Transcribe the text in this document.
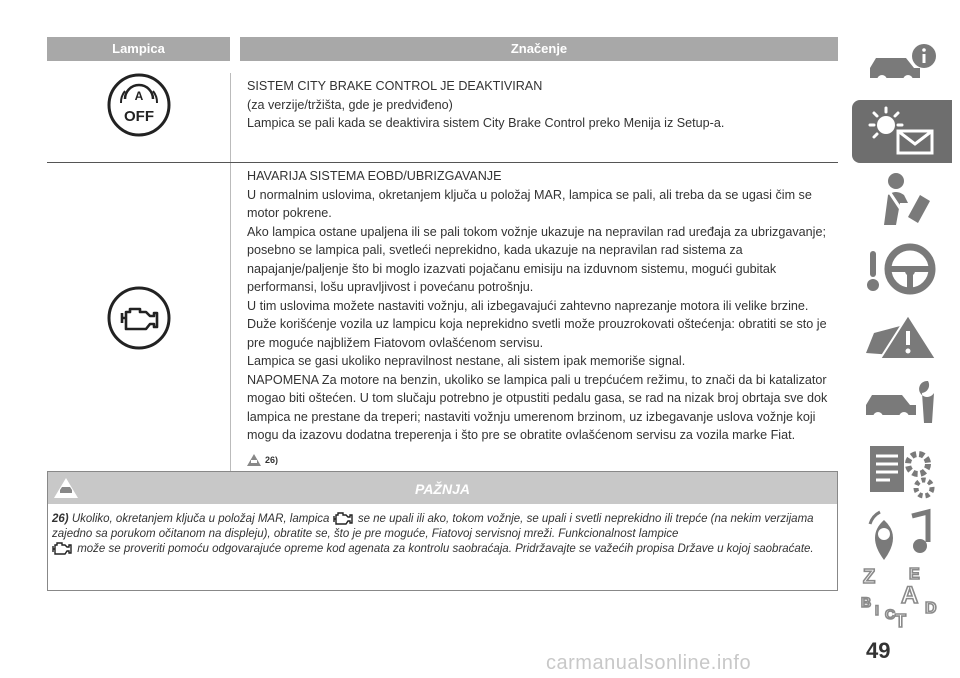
Lampica	Značenje
A
OFF

SISTEM CITY BRAKE CONTROL JE DEAKTIVIRAN

(za verzije/tržišta, gde je predviđeno)

Lampica se pali kada se deaktivira sistem City Brake Control preko Menija iz Setup-a.

HAVARIJA SISTEMA EOBD/UBRIZGAVANJE

U normalnim uslovima, okretanjem ključa u položaj MAR, lampica se pali, ali treba da se ugasi čim se motor pokrene.

Ako lampica ostane upaljena ili se pali tokom vožnje ukazuje na nepravilan rad uređaja za ubrizgavanje; posebno se lampica pali, svetleći neprekidno, kada ukazuje na nepravilan rad sistema za napajanje/paljenje što bi moglo izazvati pojačanu emisiju na izduvnom sistemu, mogući gubitak performansi, lošu upravljivost i povećanu potrošnju.

U tim uslovima možete nastaviti vožnju, ali izbegavajući zahtevno naprezanje motora ili velike brzine. Duže korišćenje vozila uz lampicu koja neprekidno svetli može prouzrokovati oštećenja: obratiti se sto je pre moguće najbližem Fiatovom ovlašćenom servisu.

Lampica se gasi ukoliko nepravilnost nestane, ali sistem ipak memoriše signal.

NAPOMENA Za motore na benzin, ukoliko se lampica pali u trepćućem režimu, to znači da bi katalizator mogao biti oštećen. U tom slučaju potrebno je otpustiti pedalu gasa, se rad na nizak broj obrtaja sve dok lampica ne prestane da treperi; nastaviti vožnju umerenom brzinom, uz izbegavanje uslova vožnje koji mogu da izazovu dodatna treperenja i što pre se obratite ovlašćenom servisu za vozila marke Fiat.

26)
PAŽNJA
26) Ukoliko, okretanjem ključa u položaj MAR, lampica se ne upali ili ako, tokom vožnje, se upali i svetli neprekidno ili trepće (na nekim verzijama zajedno sa porukom očitanom na displeju), obratite se, što je pre moguće, Fiatovoj servisnoj mreži. Funkcionalnost lampice
može se proveriti pomoću odgovarajuće opreme kod agenata za kontrolu saobraćaja. Pridržavajte se važećih propisa Države u kojoj saobraćate.
Z E
B A
C D
T
I
49
carmanualsonline.info
